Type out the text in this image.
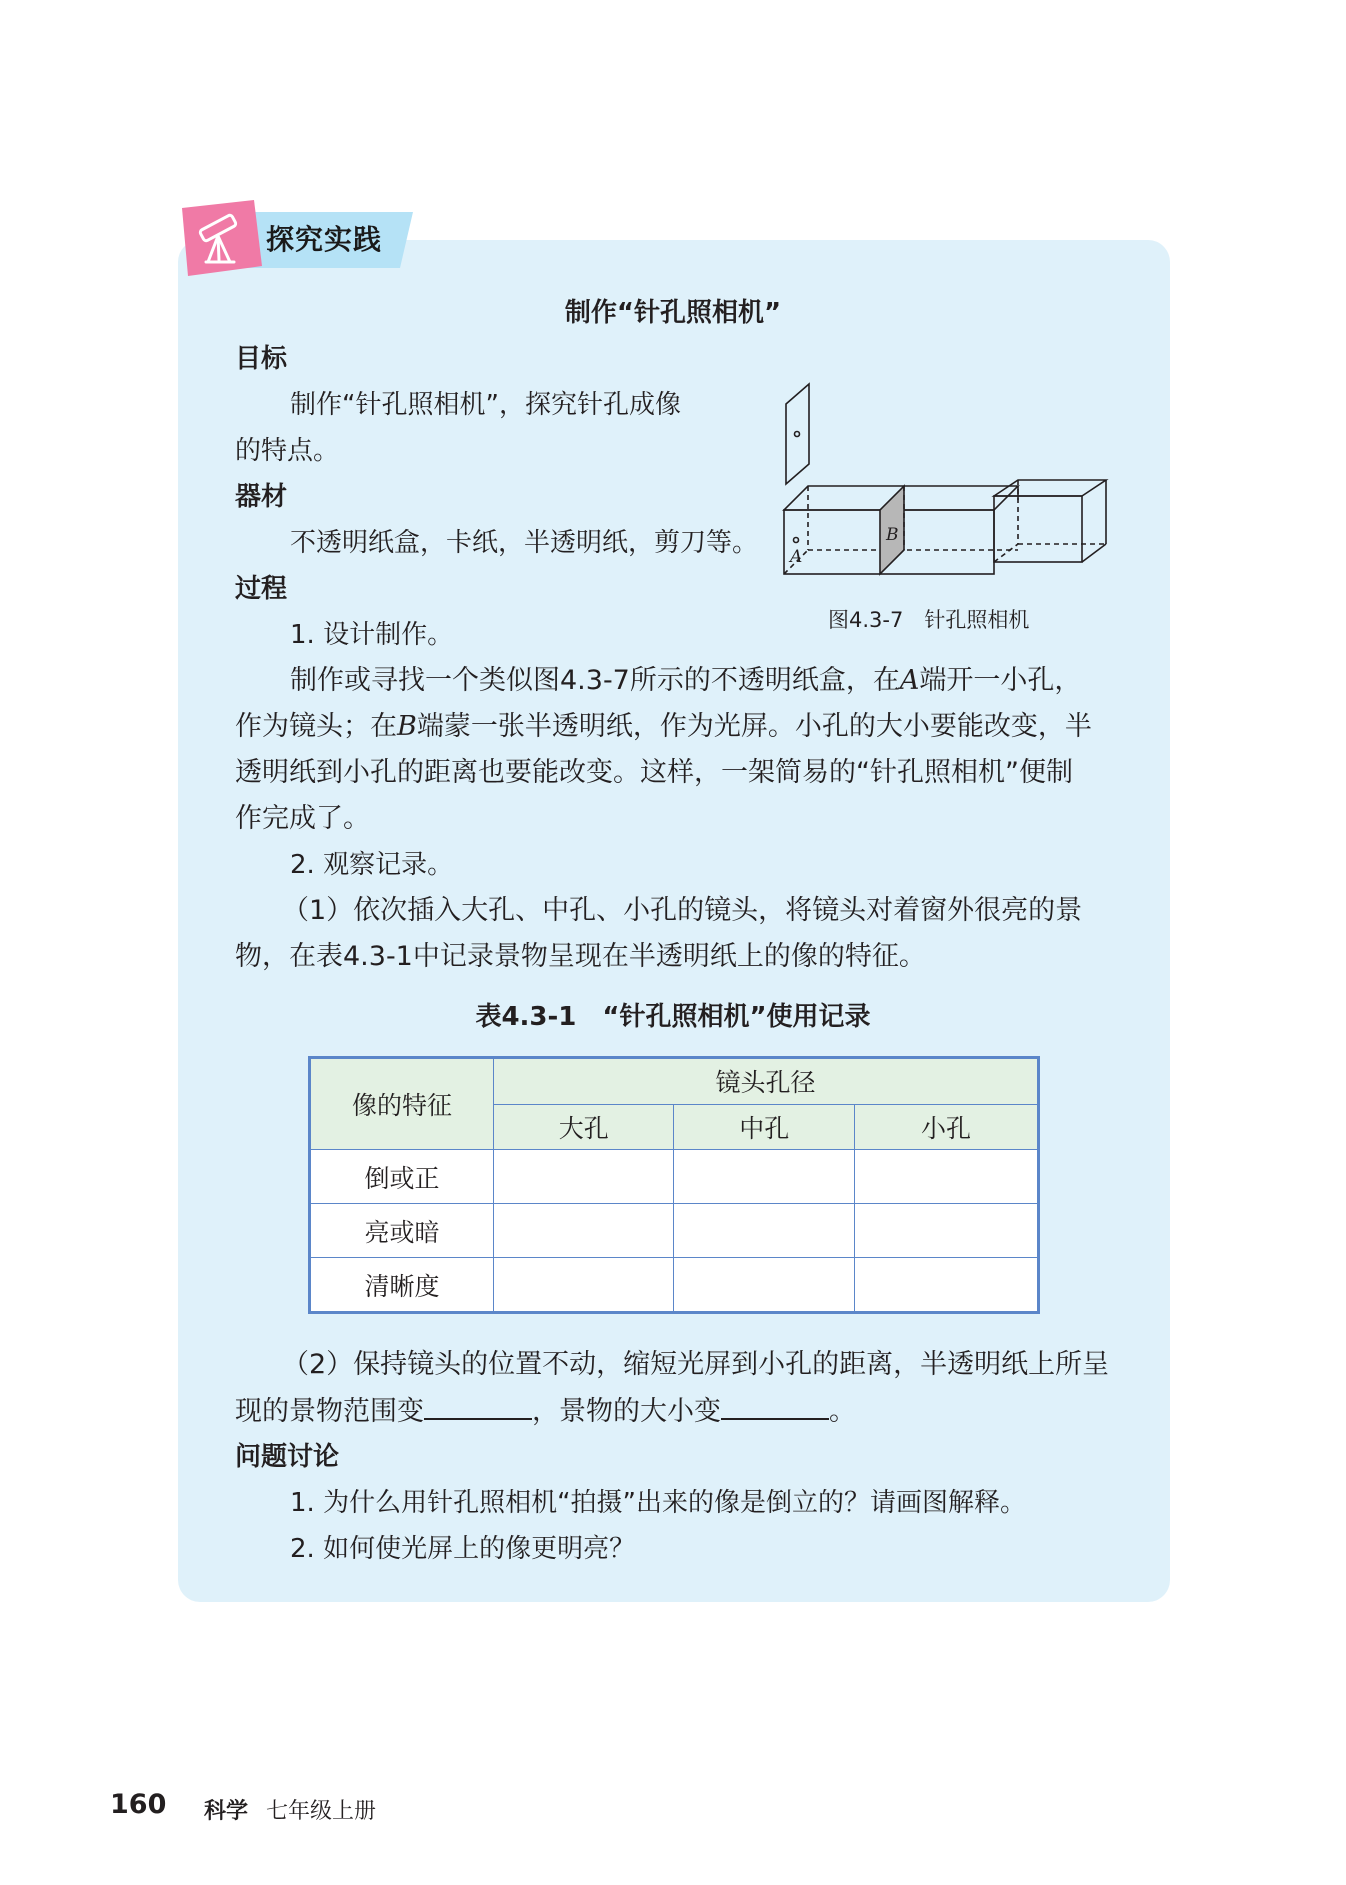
探究实践
制作“针孔照相机”
目标
制作“针孔照相机”，探究针孔成像
的特点。
器材
不透明纸盒，卡纸，半透明纸，剪刀等。
过程
1. 设计制作。
A
B
图4.3-7　针孔照相机
制作或寻找一个类似图4.3-7所示的不透明纸盒，在A端开一小孔，
作为镜头；在B端蒙一张半透明纸，作为光屏。小孔的大小要能改变，半
透明纸到小孔的距离也要能改变。这样，一架简易的“针孔照相机”便制
作完成了。
2. 观察记录。
（1）依次插入大孔、中孔、小孔的镜头，将镜头对着窗外很亮的景
物，在表4.3-1中记录景物呈现在半透明纸上的像的特征。
表4.3-1　“针孔照相机”使用记录
像的特征	镜头孔径		
	大孔	中孔	小孔
倒或正			
亮或暗			
清晰度			
（2）保持镜头的位置不动，缩短光屏到小孔的距离，半透明纸上所呈
现的景物范围变	，景物的大小变	。
问题讨论
1. 为什么用针孔照相机“拍摄”出来的像是倒立的？请画图解释。
2. 如何使光屏上的像更明亮？
160 科学 七年级上册
